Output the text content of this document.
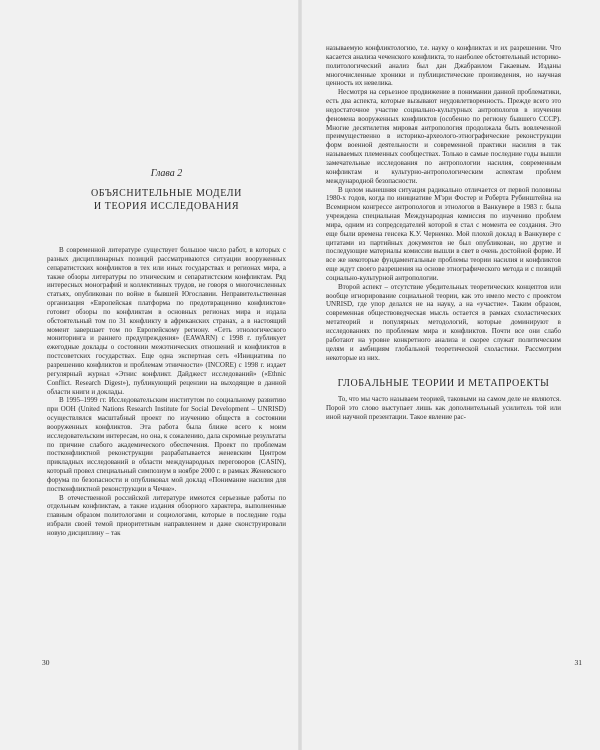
Глава 2
ОБЪЯСНИТЕЛЬНЫЕ МОДЕЛИ
И ТЕОРИЯ ИССЛЕДОВАНИЯ

В современной литературе существует большое число работ, в которых с разных дисциплинарных позиций рассматриваются ситуации вооруженных сепаратистских конфликтов в тех или иных государствах и регионах мира, а также обзоры литературы по этническим и сепаратистским конфликтам. Ряд интересных монографий и коллективных трудов, не говоря о многочисленных статьях, опубликован по войне в бывшей Югославии. Неправительственная организация «Европейская платформа по предотвращению конфликтов» готовит обзоры по конфликтам в основных регионах мира и издала обстоятельный том по 31 конфликту в африканских странах, а в настоящий момент завершает том по Европейскому региону. «Сеть этнологического мониторинга и раннего предупреждения» (EAWARN) с 1998 г. публикует ежегодные доклады о состоянии межэтнических отношений и конфликтов в постсоветских государствах. Еще одна экспертная сеть «Инициатива по разрешению конфликтов и проблемам этничности» (INCORE) с 1998 г. издает регулярный журнал «Этнис конфликт. Дайджест исследований» («Ethnic Conflict. Research Digest»), публикующий рецензии на выходящие в данной области книги и доклады.

В 1995–1999 гг. Исследовательским институтом по социальному развитию при ООН (United Nations Research Institute for Social Development – UNRISD) осуществлялся масштабный проект по изучению обществ в состоянии вооруженных конфликтов. Эта работа была ближе всего к моим исследовательским интересам, но она, к сожалению, дала скромные результаты по причине слабого академического обеспечения. Проект по проблемам постконфликтной реконструкции разрабатывается женевским Центром прикладных исследований в области международных переговоров (CASIN), который провел специальный симпозиум в ноябре 2000 г. в рамках Женевского форума по безопасности и опубликовал мой доклад «Понимание насилия для постконфликтной реконструкции в Чечне».

В отечественной российской литературе имеются серьезные работы по отдельным конфликтам, а также издания обзорного характера, выполненные главным образом политологами и социологами, которые в последние годы избрали своей темой приоритетным направлением и даже сконструировали новую дисциплину – так

30

называемую конфликтологию, т.е. науку о конфликтах и их разрешении. Что касается анализа чеченского конфликта, то наиболее обстоятельный историко-политологический анализ был дан Джабраилом Гакаевым. Изданы многочисленные хроники и публицистические произведения, но научная ценность их невелика.

Несмотря на серьезное продвижение в понимании данной проблематики, есть два аспекта, которые вызывают неудовлетворенность. Прежде всего это недостаточное участие социально-культурных антропологов в изучении феномена вооруженных конфликтов (особенно по региону бывшего СССР). Многие десятилетия мировая антропология продолжала быть вовлеченной преимущественно в историко-археолого-этнографические реконструкции форм военной деятельности и современной практики насилия в так называемых племенных сообществах. Только в самые последние годы вышли замечательные исследования по антропологии насилия, современным конфликтам и культурно-антропологическим аспектам проблем международной безопасности.

В целом нынешняя ситуация радикально отличается от первой половины 1980-х годов, когда по инициативе М'эри Фостер и Роберта Рубинштейна на Всемирном конгрессе антропологов и этнологов в Ванкувере в 1983 г. была учреждена специальная Международная комиссия по изучению проблем мира, одним из сопредседателей которой я стал с момента ее создания. Это еще были времена генсека К.У. Черненко. Мой плохой доклад в Ванкувере с цитатами из партийных документов не был опубликован, но другие и последующие материалы комиссии вышли в свет в очень достойной форме. И все же некоторые фундаментальные проблемы теории насилия и конфликтов еще ждут своего разрешения на основе этнографического метода и с позиций социально-культурной антропологии.

Второй аспект – отсутствие убедительных теоретических концептов или вообще игнорирование социальной теории, как это имело место с проектом UNRISD, где упор делался не на науку, а на «участие». Таким образом, современная обществоведческая мысль остается в рамках схоластических метатеорий и популярных методологий, которые доминируют в исследованиях по проблемам мира и конфликтов. Почти все они слабо работают на уровне конкретного анализа и скорее служат политическим целям и амбициям глобальной теоретической схоластики. Рассмотрим некоторые из них.

ГЛОБАЛЬНЫЕ ТЕОРИИ И МЕТАПРОЕКТЫ

То, что мы часто называем теорией, таковыми на самом деле не являются. Порой это слово выступает лишь как дополнительный усилитель той или иной научной презентации. Такое явление рас-

31
